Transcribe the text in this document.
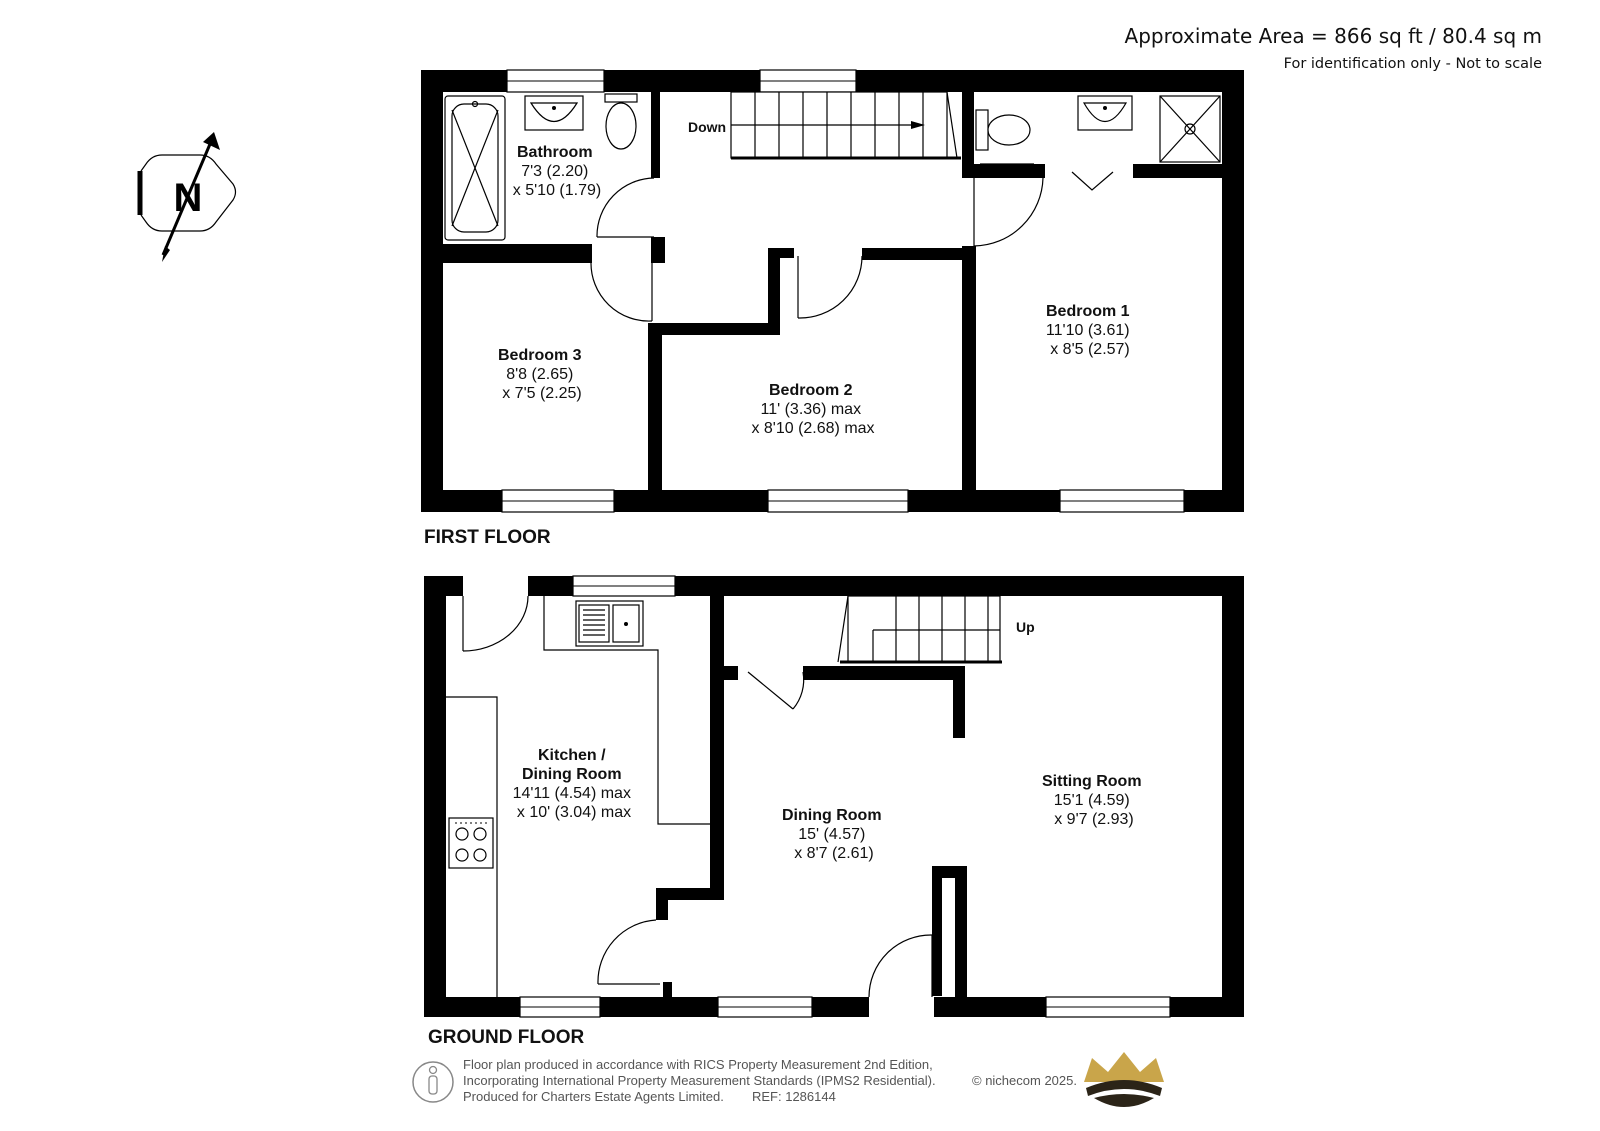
Approximate Area = 866 sq ft / 80.4 sq m
For identification only - Not to scale
N
Down
Bathroom 7'3 (2.20) x 5'10 (1.79)
Bedroom 1 11'10 (3.61) x 8'5 (2.57)
Bedroom 2 11' (3.36) max x 8'10 (2.68) max
Bedroom 3 8'8 (2.65) x 7'5 (2.25)
FIRST FLOOR
Up
Kitchen / Dining Room 14'11 (4.54) max x 10' (3.04) max	Dining Room 15' (4.57) x 8'7 (2.61)
Sitting Room 15'1 (4.59) x 9'7 (2.93)
GROUND FLOOR
Floor plan produced in accordance with RICS Property Measurement 2nd Edition,
Incorporating International Property Measurement Standards (IPMS2 Residential).
Produced for Charters Estate Agents Limited. REF: 1286144
© nichecom 2025.
